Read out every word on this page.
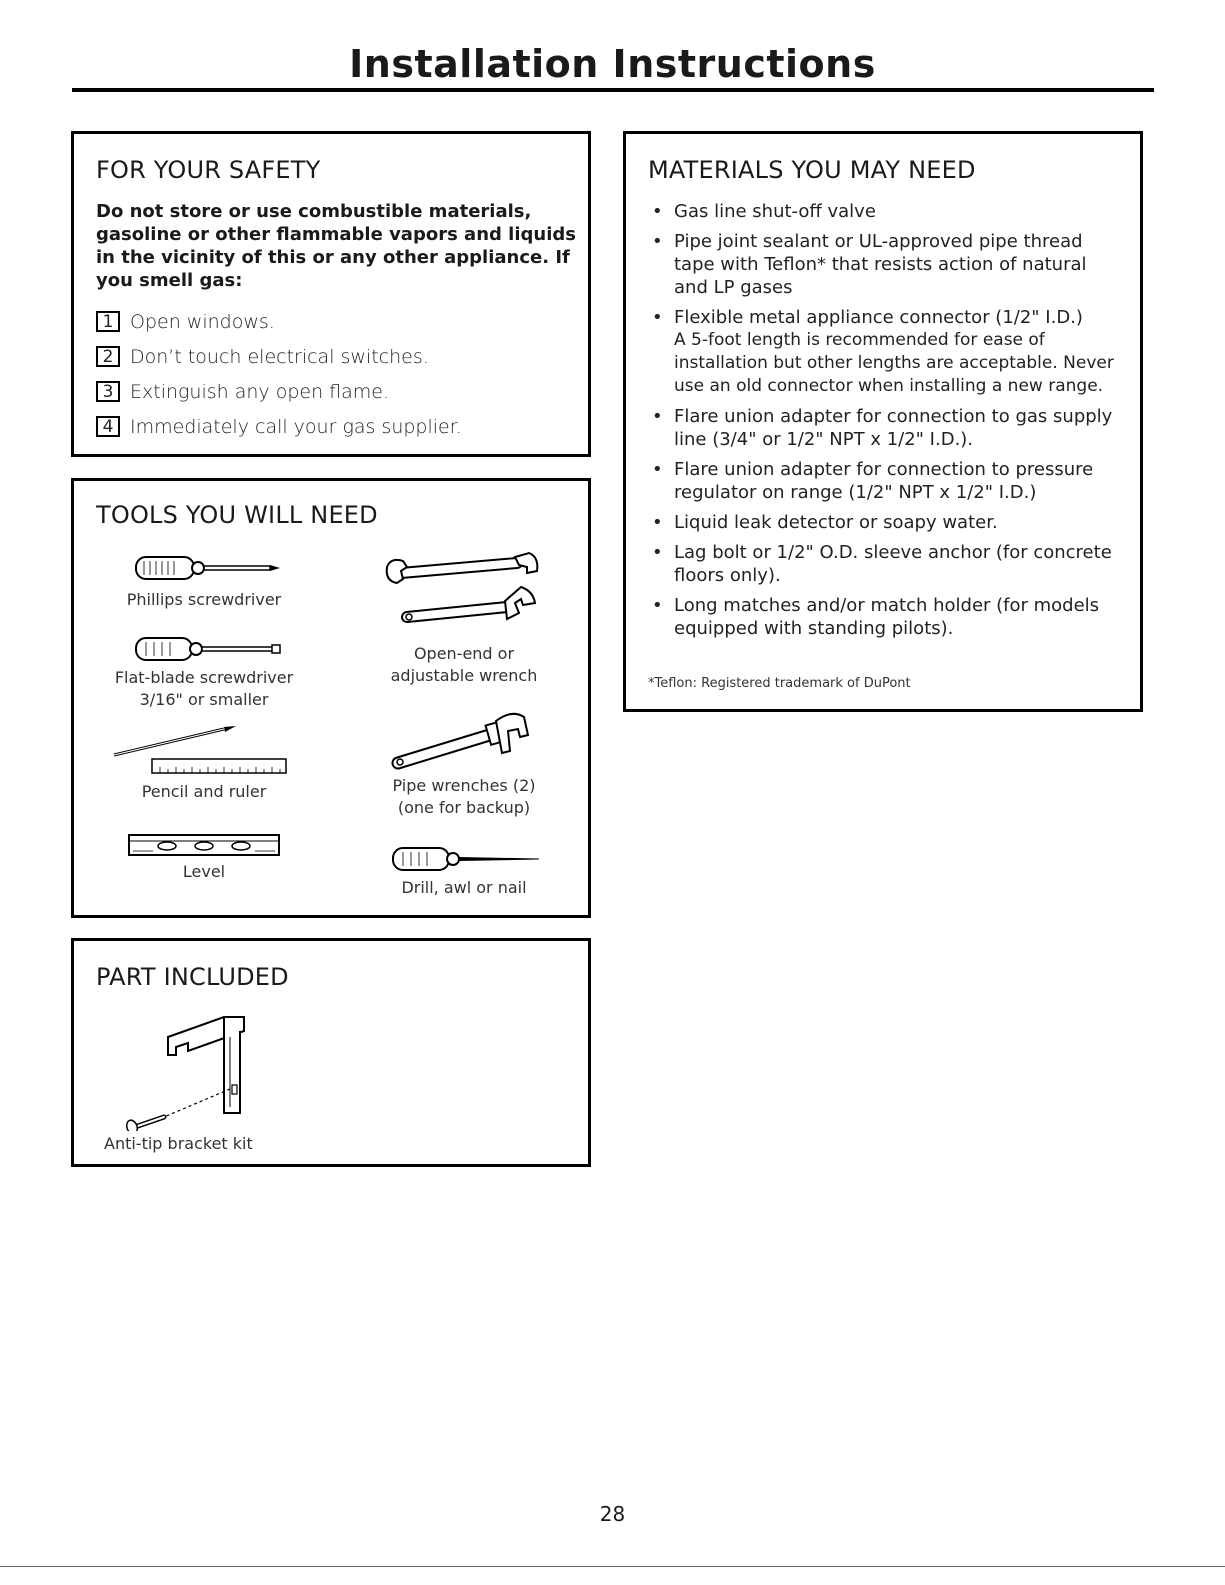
Installation Instructions
FOR YOUR SAFETY
Do not store or use combustible materials, gasoline or other flammable vapors and liquids in the vicinity of this or any other appliance. If you smell gas:
1 Open windows.
2 Don’t touch electrical switches.
3 Extinguish any open flame.
4 Immediately call your gas supplier.
TOOLS YOU WILL NEED
Phillips screwdriver
Flat-blade screwdriver
3/16" or smaller
Pencil and ruler
Level
Open-end or
adjustable wrench
Pipe wrenches (2)
(one for backup)
Drill, awl or nail
PART INCLUDED
Anti-tip bracket kit
MATERIALS YOU MAY NEED
• Gas line shut-off valve
• Pipe joint sealant or UL-approved pipe thread tape with Teflon* that resists action of natural and LP gases
• Flexible metal appliance connector (1/2" I.D.)
A 5-foot length is recommended for ease of installation but other lengths are acceptable. Never use an old connector when installing a new range.
• Flare union adapter for connection to gas supply line (3/4" or 1/2" NPT x 1/2" I.D.).
• Flare union adapter for connection to pressure regulator on range (1/2" NPT x 1/2" I.D.)
• Liquid leak detector or soapy water.
• Lag bolt or 1/2" O.D. sleeve anchor (for concrete floors only).
• Long matches and/or match holder (for models equipped with standing pilots).
*Teflon: Registered trademark of DuPont
28
